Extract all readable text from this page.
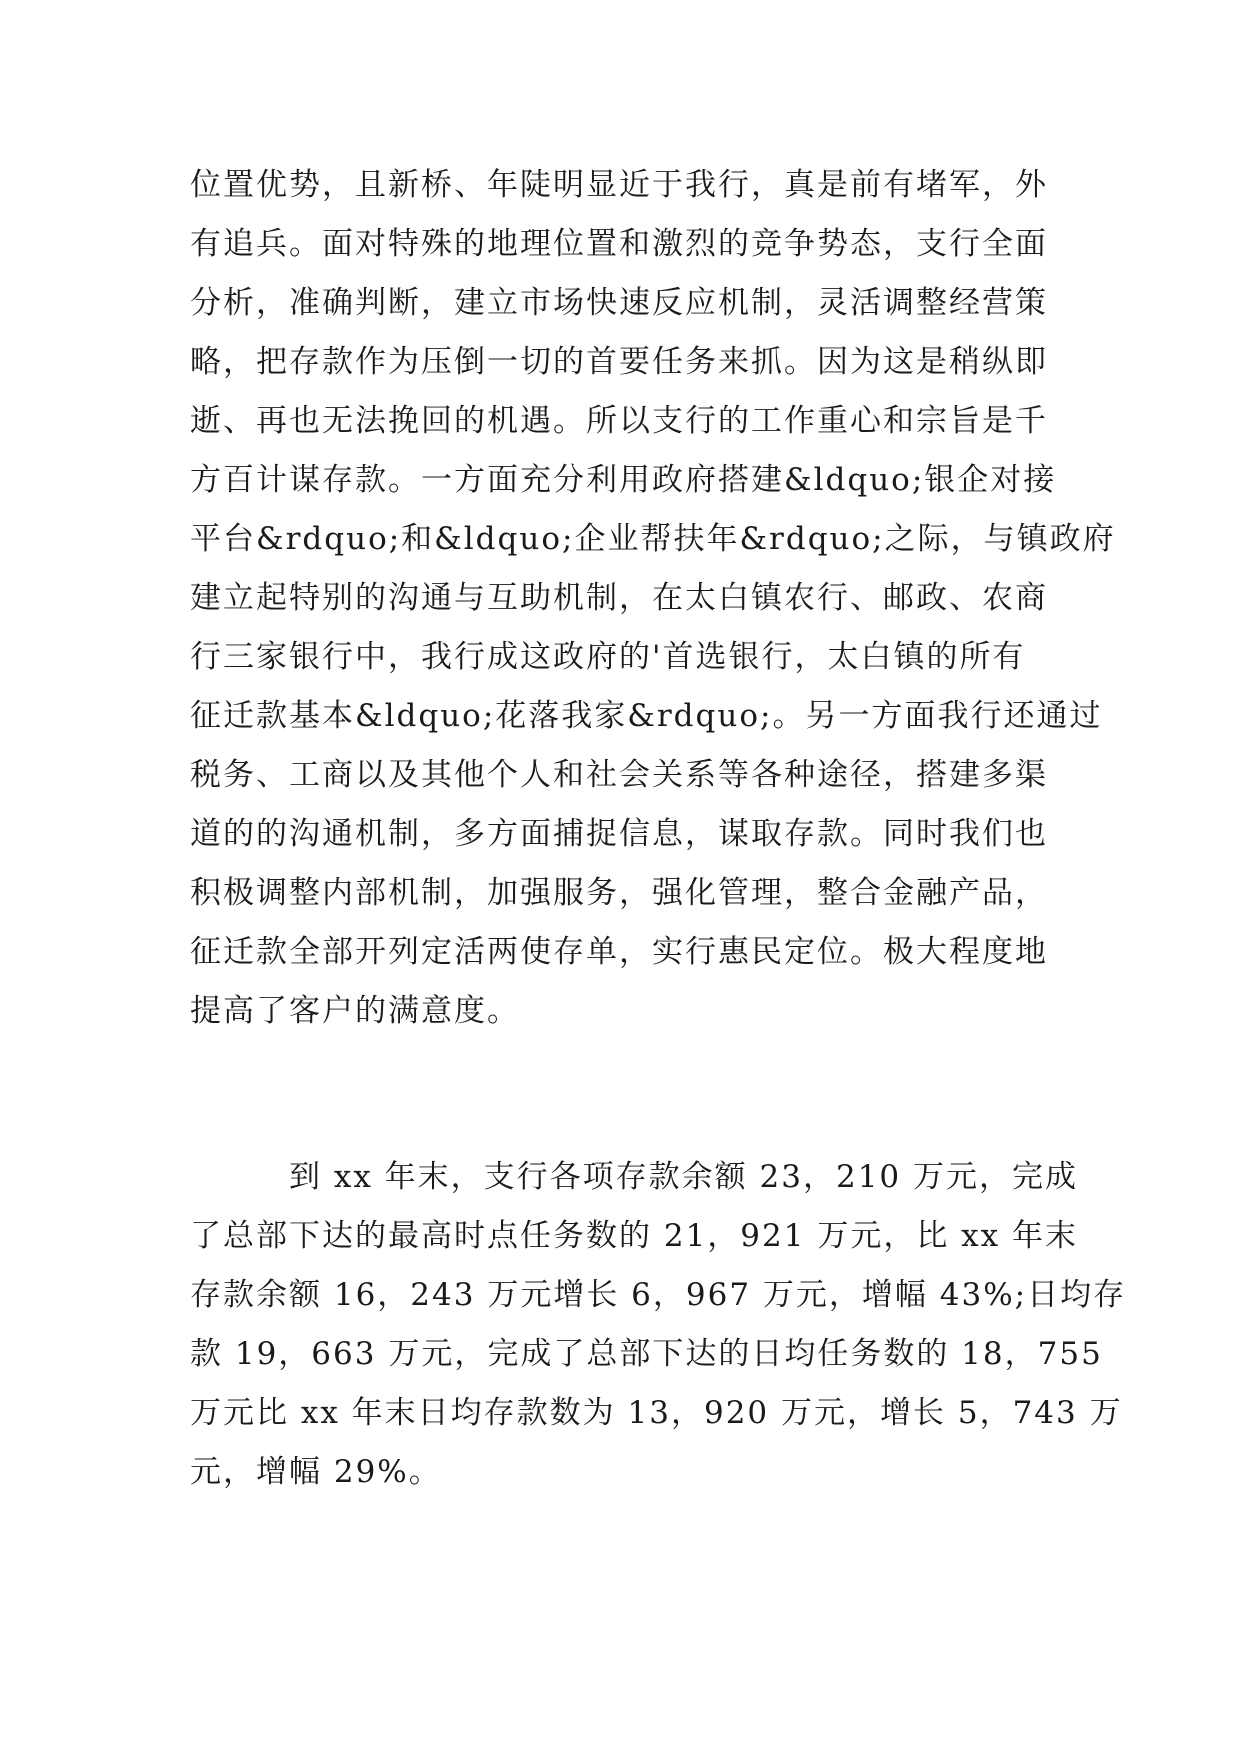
位置优势，且新桥、年陡明显近于我行，真是前有堵军，外
有追兵。面对特殊的地理位置和激烈的竞争势态，支行全面
分析，准确判断，建立市场快速反应机制，灵活调整经营策
略，把存款作为压倒一切的首要任务来抓。因为这是稍纵即
逝、再也无法挽回的机遇。所以支行的工作重心和宗旨是千
方百计谋存款。一方面充分利用政府搭建&ldquo;银企对接
平台&rdquo;和&ldquo;企业帮扶年&rdquo;之际，与镇政府
建立起特别的沟通与互助机制，在太白镇农行、邮政、农商
行三家银行中，我行成这政府的'首选银行，太白镇的所有
征迁款基本&ldquo;花落我家&rdquo;。另一方面我行还通过
税务、工商以及其他个人和社会关系等各种途径，搭建多渠
道的的沟通机制，多方面捕捉信息，谋取存款。同时我们也
积极调整内部机制，加强服务，强化管理，整合金融产品，
征迁款全部开列定活两使存单，实行惠民定位。极大程度地
提高了客户的满意度。
　　　到 xx 年末，支行各项存款余额 23，210 万元，完成
了总部下达的最高时点任务数的 21，921 万元，比 xx 年末
存款余额 16，243 万元增长 6，967 万元，增幅 43%;日均存
款 19，663 万元，完成了总部下达的日均任务数的 18，755
万元比 xx 年末日均存款数为 13，920 万元，增长 5，743 万
元，增幅 29%。
